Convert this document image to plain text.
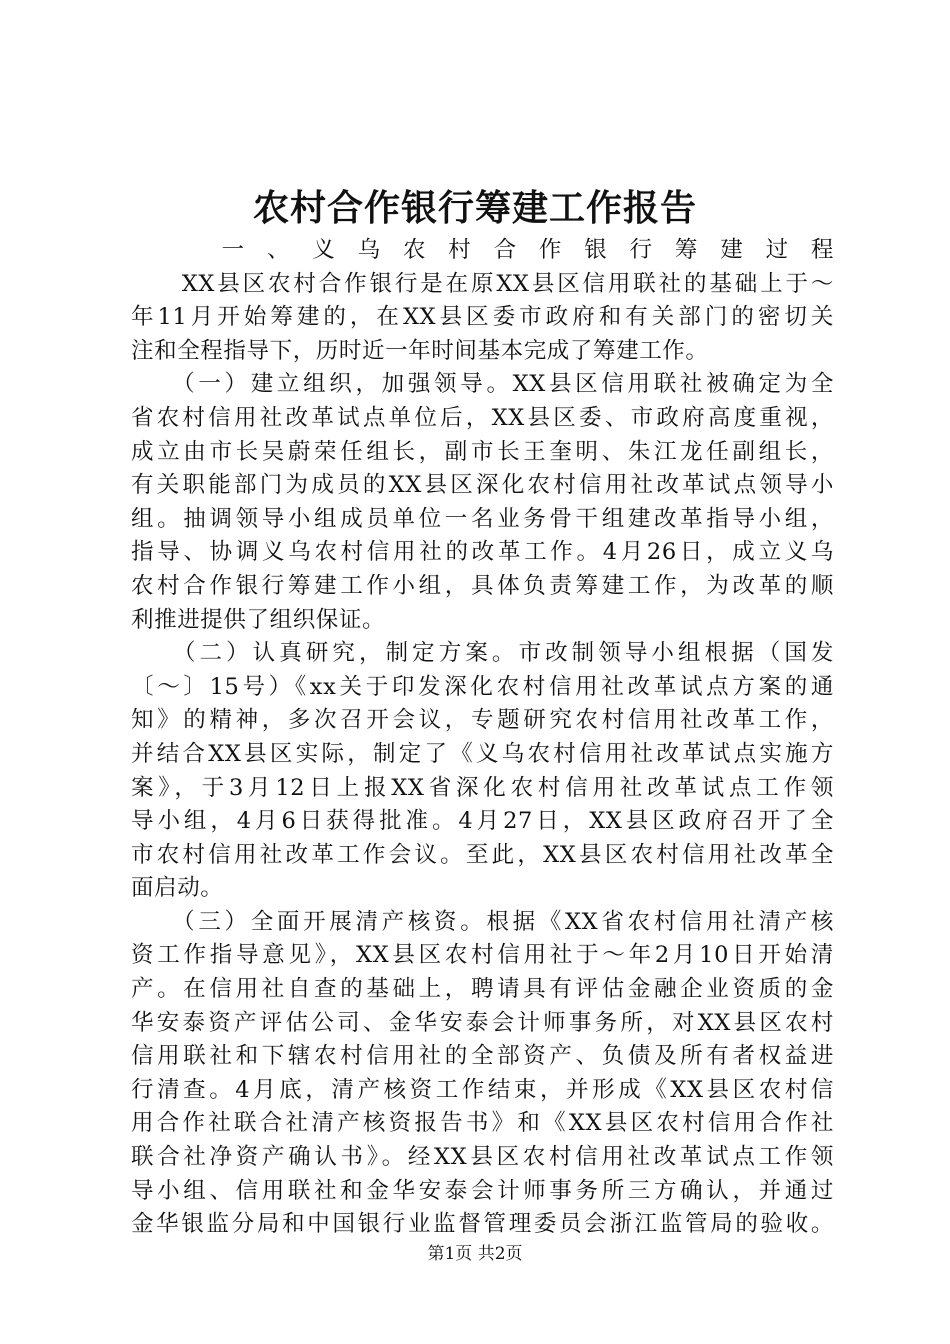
农村合作银行筹建工作报告
　　一、义乌农村合作银行筹建过程
　　XX县区农村合作银行是在原XX县区信用联社的基础上于～
年11月开始筹建的，在XX县区委市政府和有关部门的密切关
注和全程指导下，历时近一年时间基本完成了筹建工作。
　　（一）建立组织，加强领导。XX县区信用联社被确定为全
省农村信用社改革试点单位后，XX县区委、市政府高度重视，
成立由市长吴蔚荣任组长，副市长王奎明、朱江龙任副组长，
有关职能部门为成员的XX县区深化农村信用社改革试点领导小
组。抽调领导小组成员单位一名业务骨干组建改革指导小组，
指导、协调义乌农村信用社的改革工作。4月26日，成立义乌
农村合作银行筹建工作小组，具体负责筹建工作，为改革的顺
利推进提供了组织保证。
　　（二）认真研究，制定方案。市改制领导小组根据（国发
〔～〕15号）《xx关于印发深化农村信用社改革试点方案的通
知》的精神，多次召开会议，专题研究农村信用社改革工作，
并结合XX县区实际，制定了《义乌农村信用社改革试点实施方
案》，于3月12日上报XX省深化农村信用社改革试点工作领
导小组，4月6日获得批准。4月27日，XX县区政府召开了全
市农村信用社改革工作会议。至此，XX县区农村信用社改革全
面启动。
　　（三）全面开展清产核资。根据《XX省农村信用社清产核
资工作指导意见》，XX县区农村信用社于～年2月10日开始清
产。在信用社自查的基础上，聘请具有评估金融企业资质的金
华安泰资产评估公司、金华安泰会计师事务所，对XX县区农村
信用联社和下辖农村信用社的全部资产、负债及所有者权益进
行清查。4月底，清产核资工作结束，并形成《XX县区农村信
用合作社联合社清产核资报告书》和《XX县区农村信用合作社
联合社净资产确认书》。经XX县区农村信用社改革试点工作领
导小组、信用联社和金华安泰会计师事务所三方确认，并通过
金华银监分局和中国银行业监督管理委员会浙江监管局的验收。
第1页 共2页
